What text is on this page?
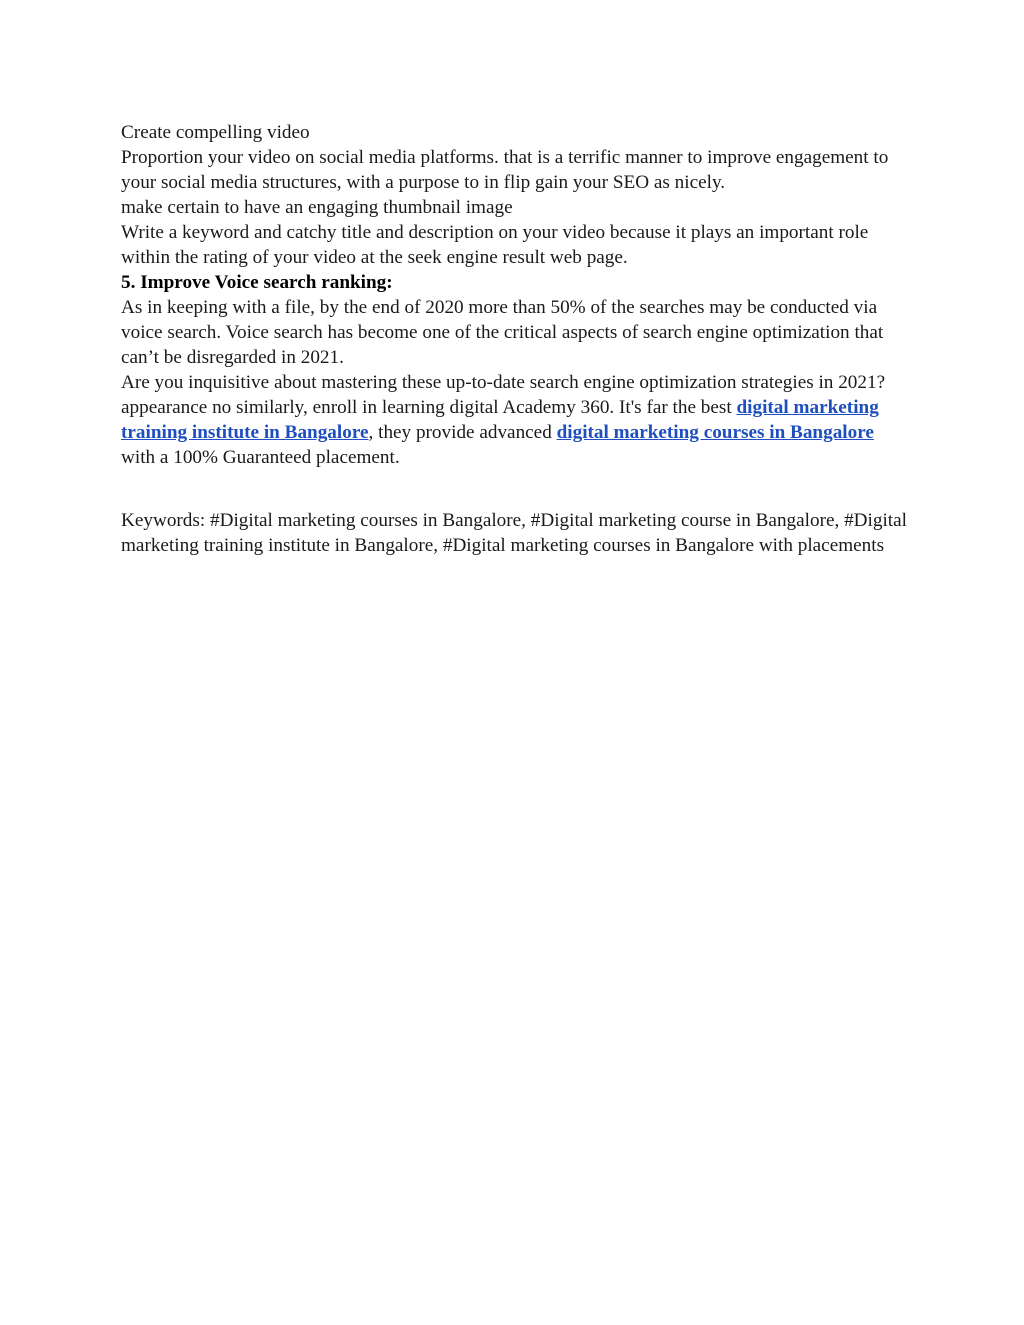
Create compelling video

Proportion your video on social media platforms. that is a terrific manner to improve engagement to your social media structures, with a purpose to in flip gain your SEO as nicely.

make certain to have an engaging thumbnail image

Write a keyword and catchy title and description on your video because it plays an important role within the rating of your video at the seek engine result web page.

5. Improve Voice search ranking:

As in keeping with a file, by the end of 2020 more than 50% of the searches may be conducted via voice search. Voice search has become one of the critical aspects of search engine optimization that can’t be disregarded in 2021.

Are you inquisitive about mastering these up-to-date search engine optimization strategies in 2021? appearance no similarly, enroll in learning digital Academy 360. It's far the best digital marketing training institute in Bangalore, they provide advanced digital marketing courses in Bangalore with a 100% Guaranteed placement.

Keywords: #Digital marketing courses in Bangalore, #Digital marketing course in Bangalore, #Digital marketing training institute in Bangalore, #Digital marketing courses in Bangalore with placements
